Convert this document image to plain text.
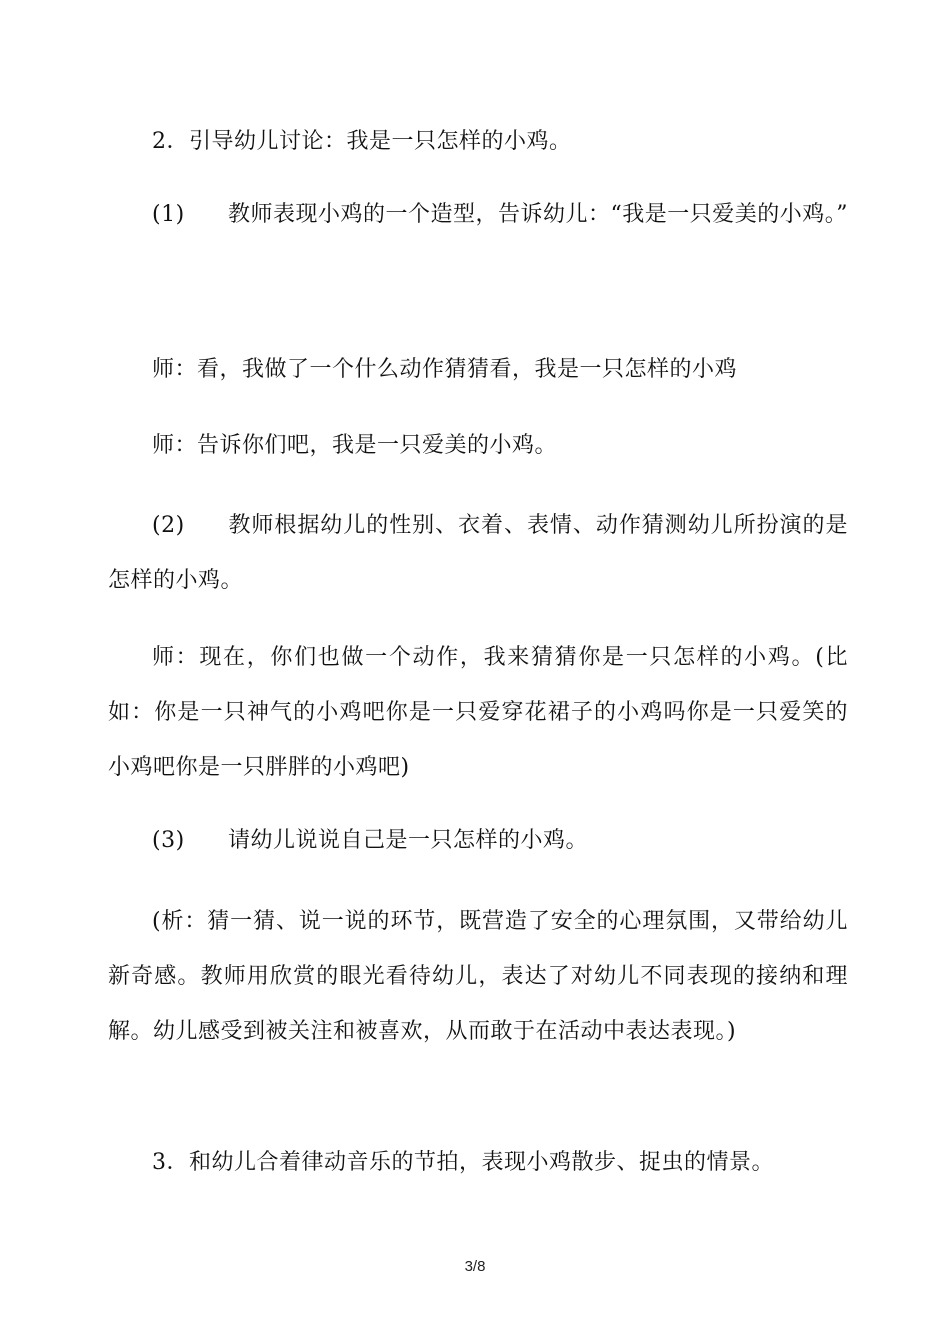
2．引导幼儿讨论：我是一只怎样的小鸡。

(1) 教师表现小鸡的一个造型，告诉幼儿：“我是一只爱美的小鸡。”

师：看，我做了一个什么动作猜猜看，我是一只怎样的小鸡

师：告诉你们吧，我是一只爱美的小鸡。

(2) 教师根据幼儿的性别、衣着、表情、动作猜测幼儿所扮演的是怎样的小鸡。

师：现在，你们也做一个动作，我来猜猜你是一只怎样的小鸡。(比如：你是一只神气的小鸡吧你是一只爱穿花裙子的小鸡吗你是一只爱笑的小鸡吧你是一只胖胖的小鸡吧)

(3) 请幼儿说说自己是一只怎样的小鸡。

(析：猜一猜、说一说的环节，既营造了安全的心理氛围，又带给幼儿新奇感。教师用欣赏的眼光看待幼儿，表达了对幼儿不同表现的接纳和理解。幼儿感受到被关注和被喜欢，从而敢于在活动中表达表现。)

3．和幼儿合着律动音乐的节拍，表现小鸡散步、捉虫的情景。

3/8
